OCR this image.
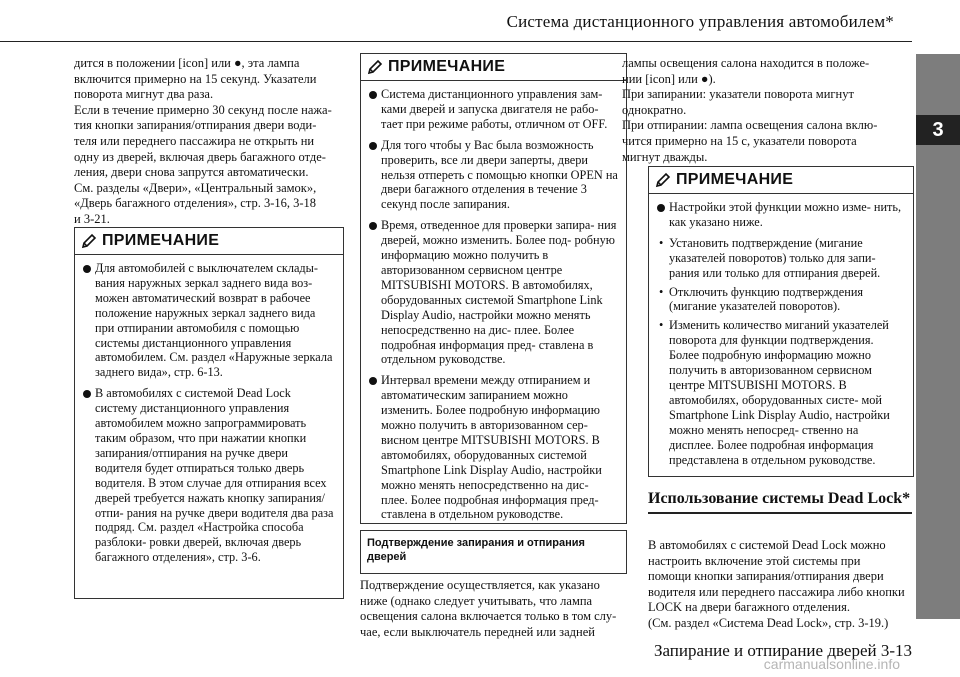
Система дистанционного управления автомобилем*
3

дится в положении [icon] или ●, эта лампа

включится примерно на 15 секунд. Указатели

поворота мигнут два раза.

Если в течение примерно 30 секунд после нажа-

тия кнопки запирания/отпирания двери води-

теля или переднего пассажира не открыть ни

одну из дверей, включая дверь багажного отде-

ления, двери снова запрутся автоматически.

См. разделы «Двери», «Центральный замок»,

«Дверь багажного отделения», стр. 3-16, 3-18

и 3-21.

ПРИМЕЧАНИЕ
Для автомобилей с выключателем склады- вания наружных зеркал заднего вида воз- можен автоматический возврат в рабочее положение наружных зеркал заднего вида при отпирании автомобиля с помощью системы дистанционного управления автомобилем. См. раздел «Наружные зеркала заднего вида», стр. 6-13.
В автомобилях с системой Dead Lock систему дистанционного управления автомобилем можно запрограммировать таким образом, что при нажатии кнопки запирания/отпирания на ручке двери водителя будет отпираться только дверь водителя. В этом случае для отпирания всех дверей требуется нажать кнопку запирания/отпи- рания на ручке двери водителя два раза подряд. См. раздел «Настройка способа разблоки- ровки дверей, включая дверь багажного отделения», стр. 3-6.
ПРИМЕЧАНИЕ
Система дистанционного управления зам- ками дверей и запуска двигателя не рабо- тает при режиме работы, отличном от OFF.
Для того чтобы у Вас была возможность проверить, все ли двери заперты, двери нельзя отпереть с помощью кнопки OPEN на двери багажного отделения в течение 3 секунд после запирания.
Время, отведенное для проверки запира- ния дверей, можно изменить. Более под- робную информацию можно получить в авторизованном сервисном центре MITSUBISHI MOTORS. В автомобилях, оборудованных системой Smartphone Link Display Audio, настройки можно менять непосредственно на дис- плее. Более подробная информация пред- ставлена в отдельном руководстве.
Интервал времени между отпиранием и автоматическим запиранием можно изменить. Более подробную информацию можно получить в авторизованном сер- висном центре MITSUBISHI MOTORS. В автомобилях, оборудованных системой Smartphone Link Display Audio, настройки можно менять непосредственно на дис- плее. Более подробная информация пред- ставлена в отдельном руководстве.
Подтверждение запирания и отпирания дверей

Подтверждение осуществляется, как указано

ниже (однако следует учитывать, что лампа

освещения салона включается только в том слу-

чае, если выключатель передней или задней

лампы освещения салона находится в положе-

нии [icon] или ●).

При запирании: указатели поворота мигнут

однократно.

При отпирании: лампа освещения салона вклю-

чится примерно на 15 с, указатели поворота

мигнут дважды.

ПРИМЕЧАНИЕ
Настройки этой функции можно изме- нить, как указано ниже.
• Установить подтверждение (мигание указателей поворотов) только для запи- рания или только для отпирания дверей.
• Отключить функцию подтверждения (мигание указателей поворотов).
• Изменить количество миганий указателей поворота для функции подтверждения. Более подробную информацию можно получить в авторизованном сервисном центре MITSUBISHI MOTORS. В автомобилях, оборудованных систе- мой Smartphone Link Display Audio, настройки можно менять непосред- ственно на дисплее. Более подробная информация представлена в отдельном руководстве.
Использование системы Dead Lock*

В автомобилях с системой Dead Lock можно

настроить включение этой системы при

помощи кнопки запирания/отпирания двери

водителя или переднего пассажира либо кнопки

LOCK на двери багажного отделения.

(См. раздел «Система Dead Lock», стр. 3-19.)

Запирание и отпирание дверей 3-13
carmanualsonline.info
